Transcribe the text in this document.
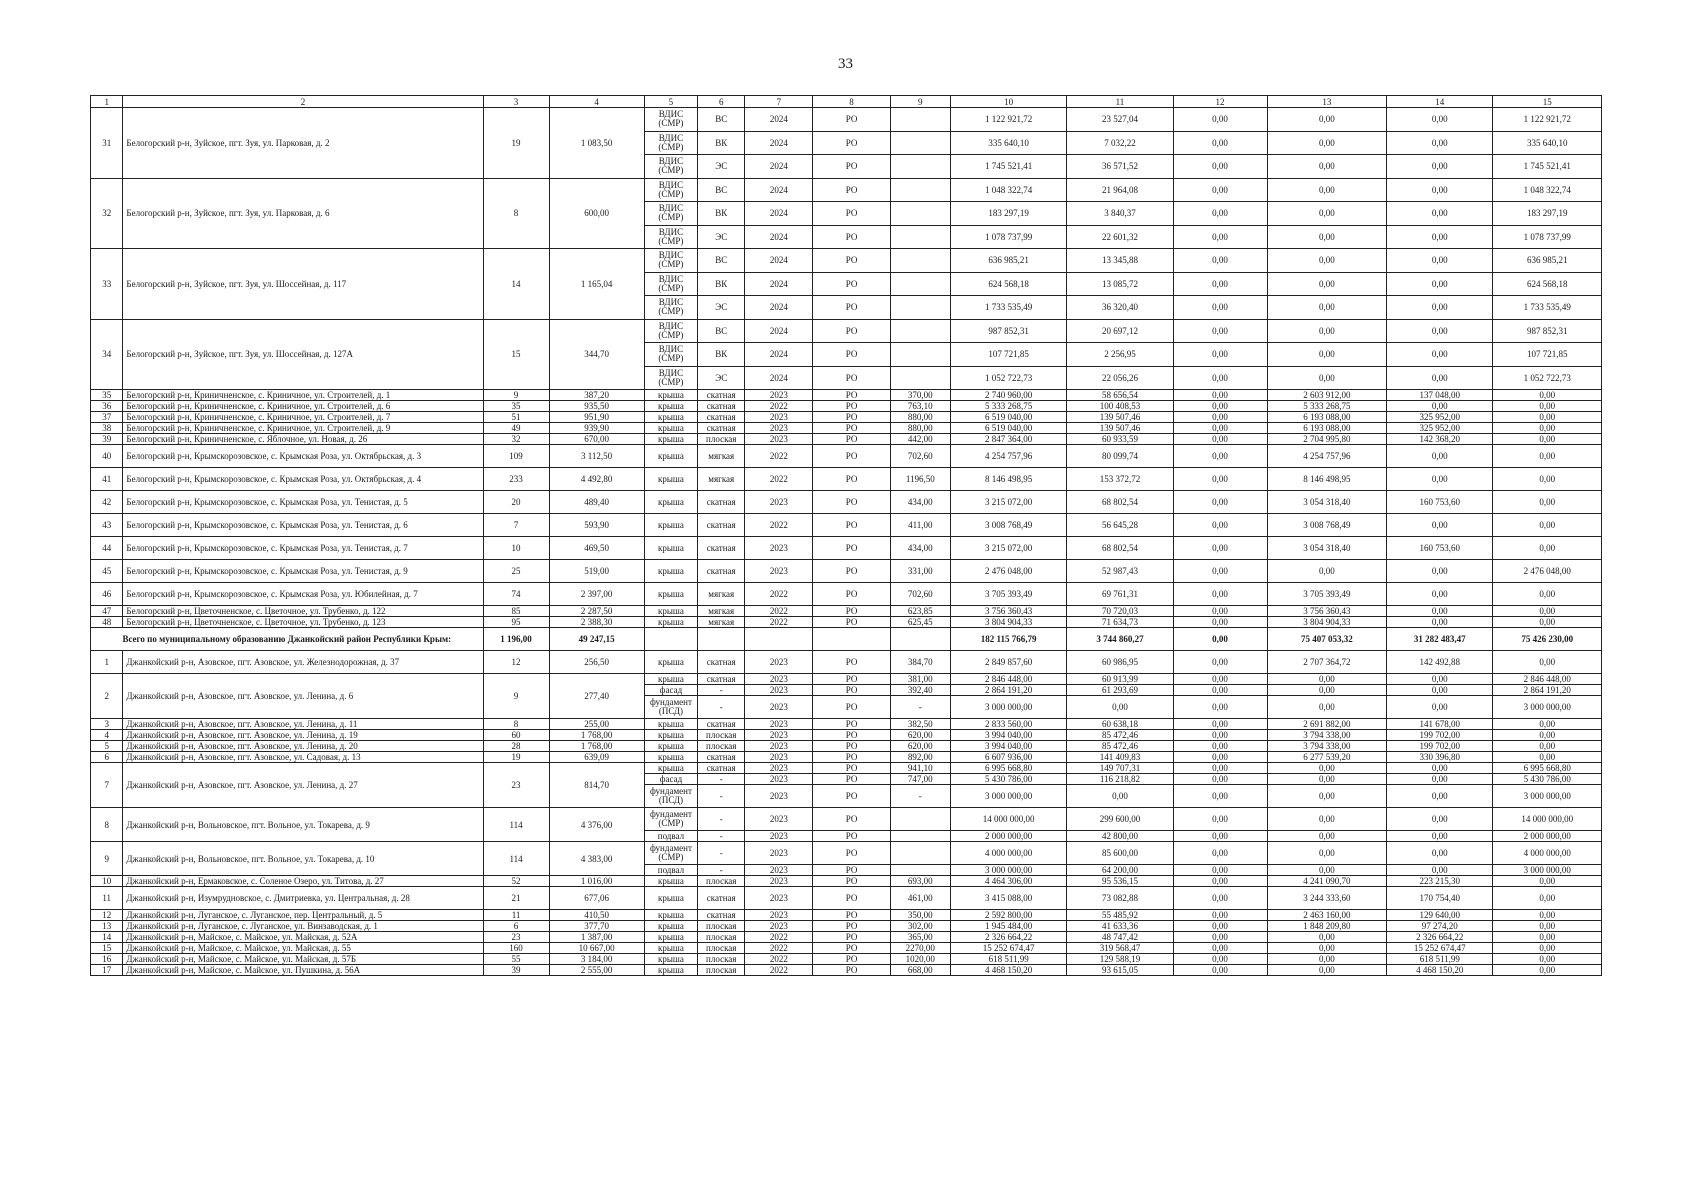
33
1	2	3	4	5	6	7	8	9	10	11	12	13	14	15
31	Белогорский р-н, Зуйское, пгт. Зуя, ул. Парковая, д. 2	19	1 083,50	ВДИС (СМР)	ВС	2024	РО		1 122 921,72	23 527,04	0,00	0,00	0,00	1 122 921,72
				ВДИС (СМР)	ВК	2024	РО		335 640,10	7 032,22	0,00	0,00	0,00	335 640,10
				ВДИС (СМР)	ЭС	2024	РО		1 745 521,41	36 571,52	0,00	0,00	0,00	1 745 521,41
32	Белогорский р-н, Зуйское, пгт. Зуя, ул. Парковая, д. 6	8	600,00	ВДИС (СМР)	ВС	2024	РО		1 048 322,74	21 964,08	0,00	0,00	0,00	1 048 322,74
				ВДИС (СМР)	ВК	2024	РО		183 297,19	3 840,37	0,00	0,00	0,00	183 297,19
				ВДИС (СМР)	ЭС	2024	РО		1 078 737,99	22 601,32	0,00	0,00	0,00	1 078 737,99
33	Белогорский р-н, Зуйское, пгт. Зуя, ул. Шоссейная, д. 117	14	1 165,04	ВДИС (СМР)	ВС	2024	РО		636 985,21	13 345,88	0,00	0,00	0,00	636 985,21
				ВДИС (СМР)	ВК	2024	РО		624 568,18	13 085,72	0,00	0,00	0,00	624 568,18
				ВДИС (СМР)	ЭС	2024	РО		1 733 535,49	36 320,40	0,00	0,00	0,00	1 733 535,49
34	Белогорский р-н, Зуйское, пгт. Зуя, ул. Шоссейная, д. 127А	15	344,70	ВДИС (СМР)	ВС	2024	РО		987 852,31	20 697,12	0,00	0,00	0,00	987 852,31
				ВДИС (СМР)	ВК	2024	РО		107 721,85	2 256,95	0,00	0,00	0,00	107 721,85
				ВДИС (СМР)	ЭС	2024	РО		1 052 722,73	22 056,26	0,00	0,00	0,00	1 052 722,73
35	Белогорский р-н, Криничненское, с. Криничное, ул. Строителей, д. 1	9	387,20	крыша	скатная	2023	РО	370,00	2 740 960,00	58 656,54	0,00	2 603 912,00	137 048,00	0,00
36	Белогорский р-н, Криничненское, с. Криничное, ул. Строителей, д. 6	35	935,50	крыша	скатная	2022	РО	763,10	5 333 268,75	100 408,53	0,00	5 333 268,75	0,00	0,00
37	Белогорский р-н, Криничненское, с. Криничное, ул. Строителей, д. 7	51	951,90	крыша	скатная	2023	РО	880,00	6 519 040,00	139 507,46	0,00	6 193 088,00	325 952,00	0,00
38	Белогорский р-н, Криничненское, с. Криничное, ул. Строителей, д. 9	49	939,90	крыша	скатная	2023	РО	880,00	6 519 040,00	139 507,46	0,00	6 193 088,00	325 952,00	0,00
39	Белогорский р-н, Криничненское, с. Яблочное, ул. Новая, д. 26	32	670,00	крыша	плоская	2023	РО	442,00	2 847 364,00	60 933,59	0,00	2 704 995,80	142 368,20	0,00
40	Белогорский р-н, Крымскорозовское, с. Крымская Роза, ул. Октябрьская, д. 3	109	3 112,50	крыша	мягкая	2022	РО	702,60	4 254 757,96	80 099,74	0,00	4 254 757,96	0,00	0,00
41	Белогорский р-н, Крымскорозовское, с. Крымская Роза, ул. Октябрьская, д. 4	233	4 492,80	крыша	мягкая	2022	РО	1196,50	8 146 498,95	153 372,72	0,00	8 146 498,95	0,00	0,00
42	Белогорский р-н, Крымскорозовское, с. Крымская Роза, ул. Тенистая, д. 5	20	489,40	крыша	скатная	2023	РО	434,00	3 215 072,00	68 802,54	0,00	3 054 318,40	160 753,60	0,00
43	Белогорский р-н, Крымскорозовское, с. Крымская Роза, ул. Тенистая, д. 6	7	593,90	крыша	скатная	2022	РО	411,00	3 008 768,49	56 645,28	0,00	3 008 768,49	0,00	0,00
44	Белогорский р-н, Крымскорозовское, с. Крымская Роза, ул. Тенистая, д. 7	10	469,50	крыша	скатная	2023	РО	434,00	3 215 072,00	68 802,54	0,00	3 054 318,40	160 753,60	0,00
45	Белогорский р-н, Крымскорозовское, с. Крымская Роза, ул. Тенистая, д. 9	25	519,00	крыша	скатная	2023	РО	331,00	2 476 048,00	52 987,43	0,00	0,00	0,00	2 476 048,00
46	Белогорский р-н, Крымскорозовское, с. Крымская Роза, ул. Юбилейная, д. 7	74	2 397,00	крыша	мягкая	2022	РО	702,60	3 705 393,49	69 761,31	0,00	3 705 393,49	0,00	0,00
47	Белогорский р-н, Цветочненское, с. Цветочное, ул. Трубенко, д. 122	85	2 287,50	крыша	мягкая	2022	РО	623,85	3 756 360,43	70 720,03	0,00	3 756 360,43	0,00	0,00
48	Белогорский р-н, Цветочненское, с. Цветочное, ул. Трубенко, д. 123	95	2 388,30	крыша	мягкая	2022	РО	625,45	3 804 904,33	71 634,73	0,00	3 804 904,33	0,00	0,00
Всего по муниципальному образованию Джанкойский район Республики Крым:		1 196,00	49 247,15						182 115 766,79	3 744 860,27	0,00	75 407 053,32	31 282 483,47	75 426 230,00
1	Джанкойский р-н, Азовское, пгт. Азовское, ул. Железнодорожная, д. 37	12	256,50	крыша	скатная	2023	РО	384,70	2 849 857,60	60 986,95	0,00	2 707 364,72	142 492,88	0,00
2	Джанкойский р-н, Азовское, пгт. Азовское, ул. Ленина, д. 6	9	277,40	крыша	скатная	2023	РО	381,00	2 846 448,00	60 913,99	0,00	0,00	0,00	2 846 448,00
				фасад	-	2023	РО	392,40	2 864 191,20	61 293,69	0,00	0,00	0,00	2 864 191,20
				фундамент (ПСД)	-	2023	РО	-	3 000 000,00	0,00	0,00	0,00	0,00	3 000 000,00
3	Джанкойский р-н, Азовское, пгт. Азовское, ул. Ленина, д. 11	8	255,00	крыша	скатная	2023	РО	382,50	2 833 560,00	60 638,18	0,00	2 691 882,00	141 678,00	0,00
4	Джанкойский р-н, Азовское, пгт. Азовское, ул. Ленина, д. 19	60	1 768,00	крыша	плоская	2023	РО	620,00	3 994 040,00	85 472,46	0,00	3 794 338,00	199 702,00	0,00
5	Джанкойский р-н, Азовское, пгт. Азовское, ул. Ленина, д. 20	28	1 768,00	крыша	плоская	2023	РО	620,00	3 994 040,00	85 472,46	0,00	3 794 338,00	199 702,00	0,00
6	Джанкойский р-н, Азовское, пгт. Азовское, ул. Садовая, д. 13	19	639,09	крыша	скатная	2023	РО	892,00	6 607 936,00	141 409,83	0,00	6 277 539,20	330 396,80	0,00
7	Джанкойский р-н, Азовское, пгт. Азовское, ул. Ленина, д. 27	23	814,70	крыша	скатная	2023	РО	941,10	6 995 668,80	149 707,31	0,00	0,00	0,00	6 995 668,80
				фасад	-	2023	РО	747,00	5 430 786,00	116 218,82	0,00	0,00	0,00	5 430 786,00
				фундамент (ПСД)	-	2023	РО	-	3 000 000,00	0,00	0,00	0,00	0,00	3 000 000,00
8	Джанкойский р-н, Вольновское, пгт. Вольное, ул. Токарева, д. 9	114	4 376,00	фундамент (СМР)	-	2023	РО		14 000 000,00	299 600,00	0,00	0,00	0,00	14 000 000,00
				подвал	-	2023	РО		2 000 000,00	42 800,00	0,00	0,00	0,00	2 000 000,00
9	Джанкойский р-н, Вольновское, пгт. Вольное, ул. Токарева, д. 10	114	4 383,00	фундамент (СМР)	-	2023	РО		4 000 000,00	85 600,00	0,00	0,00	0,00	4 000 000,00
				подвал	-	2023	РО		3 000 000,00	64 200,00	0,00	0,00	0,00	3 000 000,00
10	Джанкойский р-н, Ермаковское, с. Соленое Озеро, ул. Титова, д. 27	52	1 016,00	крыша	плоская	2023	РО	693,00	4 464 306,00	95 536,15	0,00	4 241 090,70	223 215,30	0,00
11	Джанкойский р-н, Изумрудновское, с. Дмитриевка, ул. Центральная, д. 28	21	677,06	крыша	скатная	2023	РО	461,00	3 415 088,00	73 082,88	0,00	3 244 333,60	170 754,40	0,00
12	Джанкойский р-н, Луганское, с. Луганское, пер. Центральный, д. 5	11	410,50	крыша	скатная	2023	РО	350,00	2 592 800,00	55 485,92	0,00	2 463 160,00	129 640,00	0,00
13	Джанкойский р-н, Луганское, с. Луганское, ул. Винзаводская, д. 1	6	377,70	крыша	плоская	2023	РО	302,00	1 945 484,00	41 633,36	0,00	1 848 209,80	97 274,20	0,00
14	Джанкойский р-н, Майское, с. Майское, ул. Майская, д. 52А	23	1 387,00	крыша	плоская	2022	РО	365,00	2 326 664,22	48 747,42	0,00	0,00	2 326 664,22	0,00
15	Джанкойский р-н, Майское, с. Майское, ул. Майская, д. 55	160	10 667,00	крыша	плоская	2022	РО	2270,00	15 252 674,47	319 568,47	0,00	0,00	15 252 674,47	0,00
16	Джанкойский р-н, Майское, с. Майское, ул. Майская, д. 57Б	55	3 184,00	крыша	плоская	2022	РО	1020,00	618 511,99	129 588,19	0,00	0,00	618 511,99	0,00
17	Джанкойский р-н, Майское, с. Майское, ул. Пушкина, д. 56А	39	2 555,00	крыша	плоская	2022	РО	668,00	4 468 150,20	93 615,05	0,00	0,00	4 468 150,20	0,00
